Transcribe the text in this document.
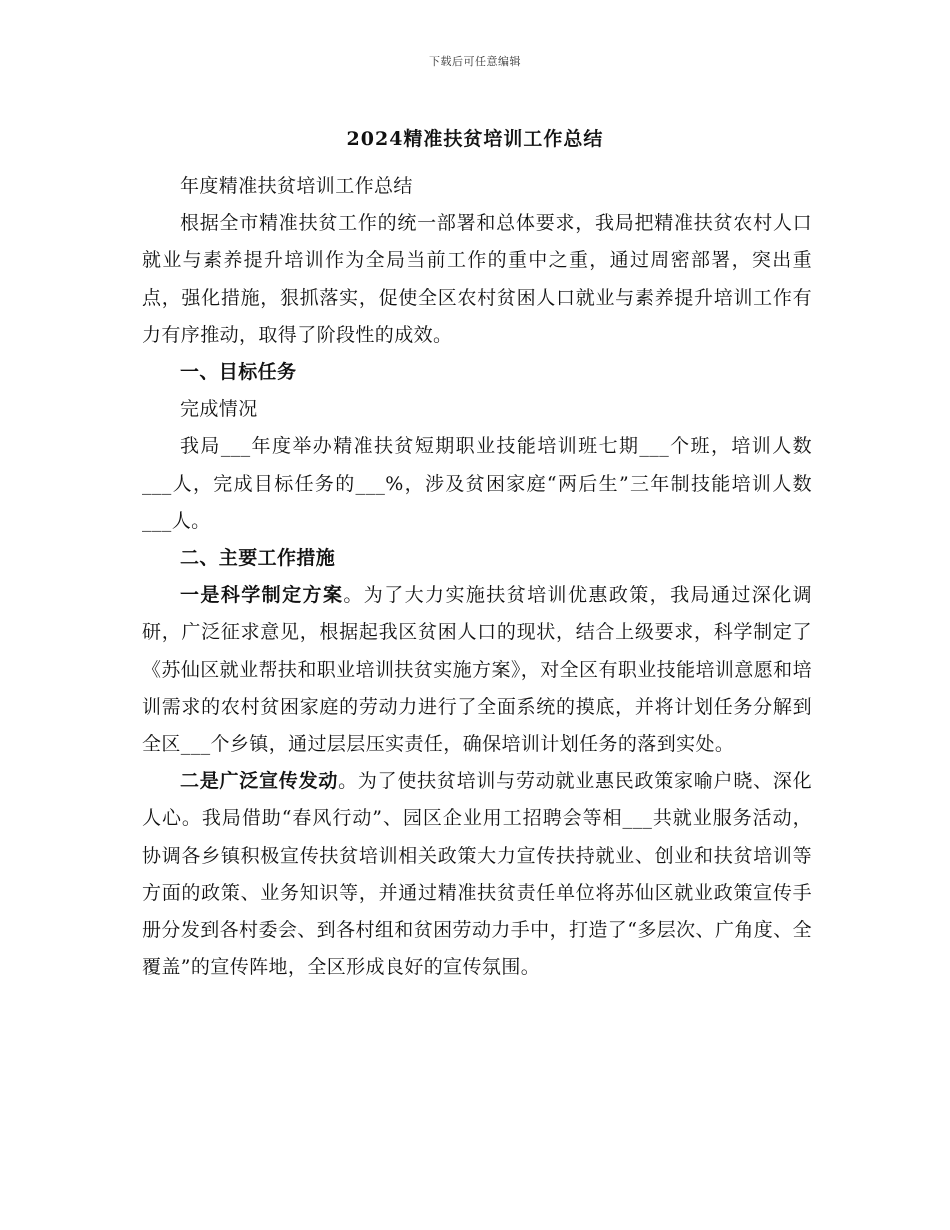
下载后可任意编辑
2024精准扶贫培训工作总结

年度精准扶贫培训工作总结

根据全市精准扶贫工作的统一部署和总体要求，我局把精准扶贫农村人口就业与素养提升培训作为全局当前工作的重中之重，通过周密部署，突出重点，强化措施，狠抓落实，促使全区农村贫困人口就业与素养提升培训工作有力有序推动，取得了阶段性的成效。

一、目标任务

完成情况

我局___年度举办精准扶贫短期职业技能培训班七期___个班，培训人数___人，完成目标任务的___%，涉及贫困家庭“两后生”三年制技能培训人数___人。

二、主要工作措施

一是科学制定方案。为了大力实施扶贫培训优惠政策，我局通过深化调研，广泛征求意见，根据起我区贫困人口的现状，结合上级要求，科学制定了《苏仙区就业帮扶和职业培训扶贫实施方案》，对全区有职业技能培训意愿和培训需求的农村贫困家庭的劳动力进行了全面系统的摸底，并将计划任务分解到全区___个乡镇，通过层层压实责任，确保培训计划任务的落到实处。

二是广泛宣传发动。为了使扶贫培训与劳动就业惠民政策家喻户晓、深化人心。我局借助“春风行动”、园区企业用工招聘会等相___共就业服务活动，协调各乡镇积极宣传扶贫培训相关政策大力宣传扶持就业、创业和扶贫培训等方面的政策、业务知识等，并通过精准扶贫责任单位将苏仙区就业政策宣传手册分发到各村委会、到各村组和贫困劳动力手中，打造了“多层次、广角度、全覆盖”的宣传阵地，全区形成良好的宣传氛围。
